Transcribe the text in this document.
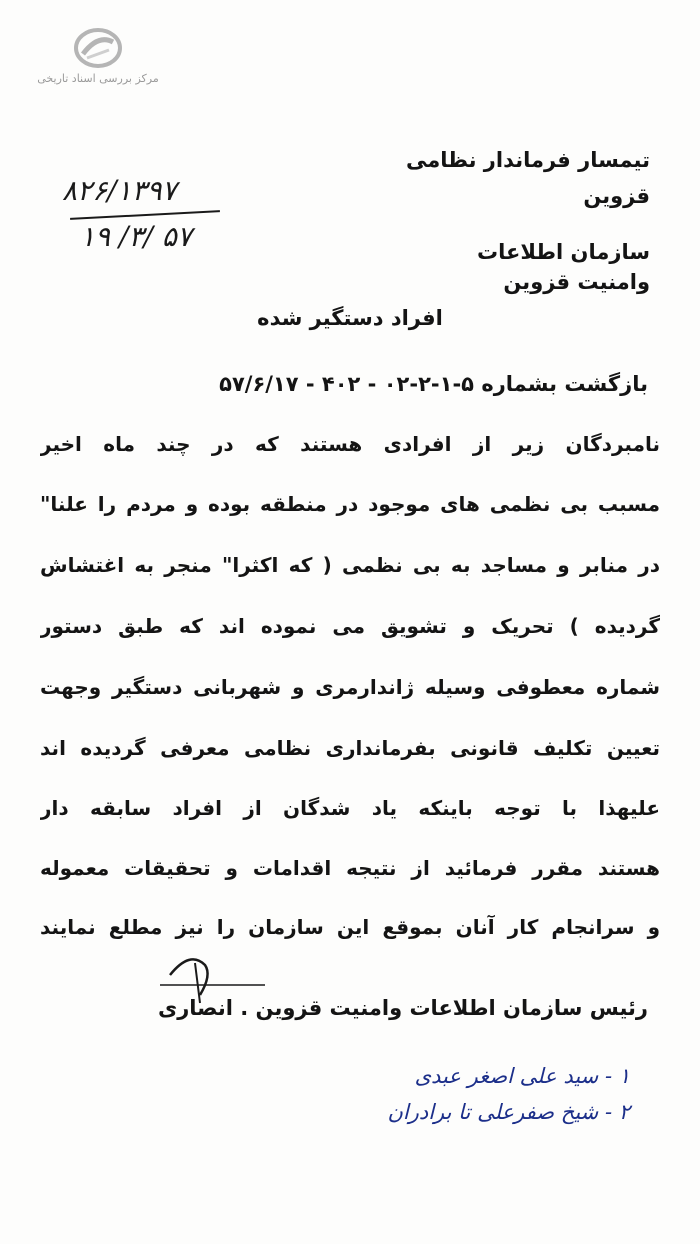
مرکز بررسی اسناد تاریخی
تیمسار فرماندار نظامی
قزوین
۸۲۶/۱۳۹۷
۱۹ /۳/ ۵۷	سازمان اطلاعات
وامنیت قزوین
افراد دستگیر شده
بازگشت بشماره ۵-۱-۲-۰۲ - ۴۰۲ - ۵۷/۶/۱۷
نامبردگان زیر از افرادی هستند که در چند ماه اخیر
مسبب بی نظمی های موجود در منطقه بوده و مردم را علنا"
در منابر و مساجد به بی نظمی ( که اکثرا" منجر به اغتشاش
گردیده ) تحریک و تشویق می نموده اند که طبق دستور
شماره معطوفی وسیله ژاندارمری و شهربانی دستگیر وجهت
تعیین تکلیف قانونی بفرمانداری نظامی معرفی گردیده اند
علیهذا با توجه باینکه یاد شدگان از افراد سابقه دار
هستند مقرر فرمائید از نتیجه اقدامات و تحقیقات معموله
و سرانجام کار آنان بموقع این سازمان را نیز مطلع نمایند
رئیس سازمان اطلاعات وامنیت قزوین . انصاری
۱ - سید علی اصغر عبدی
۲ - شیخ صفرعلی تا برادران
